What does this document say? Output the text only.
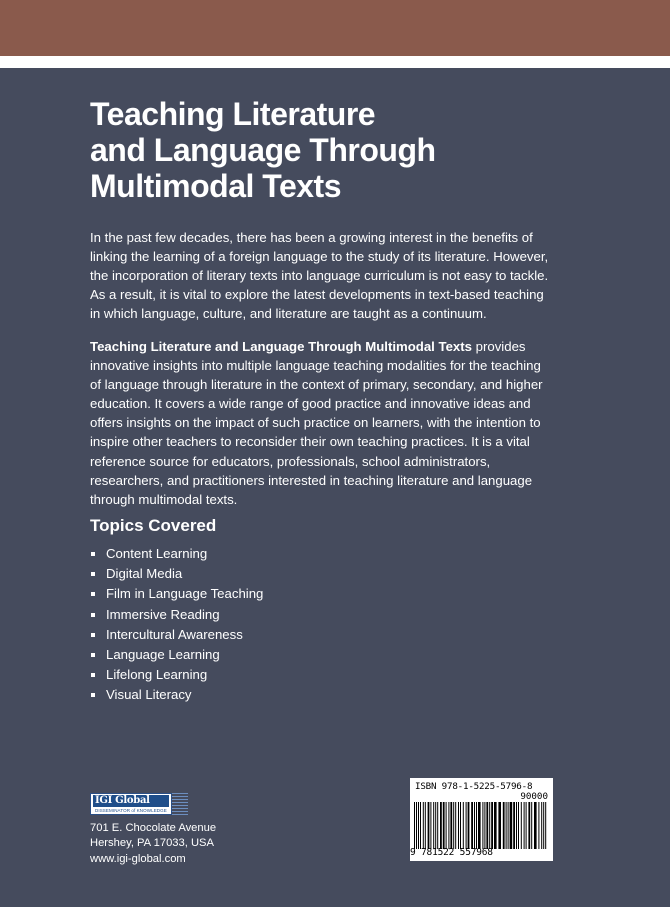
Teaching Literature
and Language Through
Multimodal Texts

In the past few decades, there has been a growing interest in the benefits of linking the learning of a foreign language to the study of its literature. However, the incorporation of literary texts into language curriculum is not easy to tackle. As a result, it is vital to explore the latest developments in text-based teaching in which language, culture, and literature are taught as a continuum.

Teaching Literature and Language Through Multimodal Texts provides innovative insights into multiple language teaching modalities for the teaching of language through literature in the context of primary, secondary, and higher education. It covers a wide range of good practice and innovative ideas and offers insights on the impact of such practice on learners, with the intention to inspire other teachers to reconsider their own teaching practices. It is a vital reference source for educators, professionals, school administrators, researchers, and practitioners interested in teaching literature and language through multimodal texts.

Topics Covered
Content Learning
Digital Media
Film in Language Teaching
Immersive Reading
Intercultural Awareness
Language Learning
Lifelong Learning
Visual Literacy
IGI Global
DISSEMINATOR of KNOWLEDGE

701 E. Chocolate Avenue
Hershey, PA 17033, USA
www.igi-global.com

ISBN 978-1-5225-5796-8
90000
9 781522 557968
